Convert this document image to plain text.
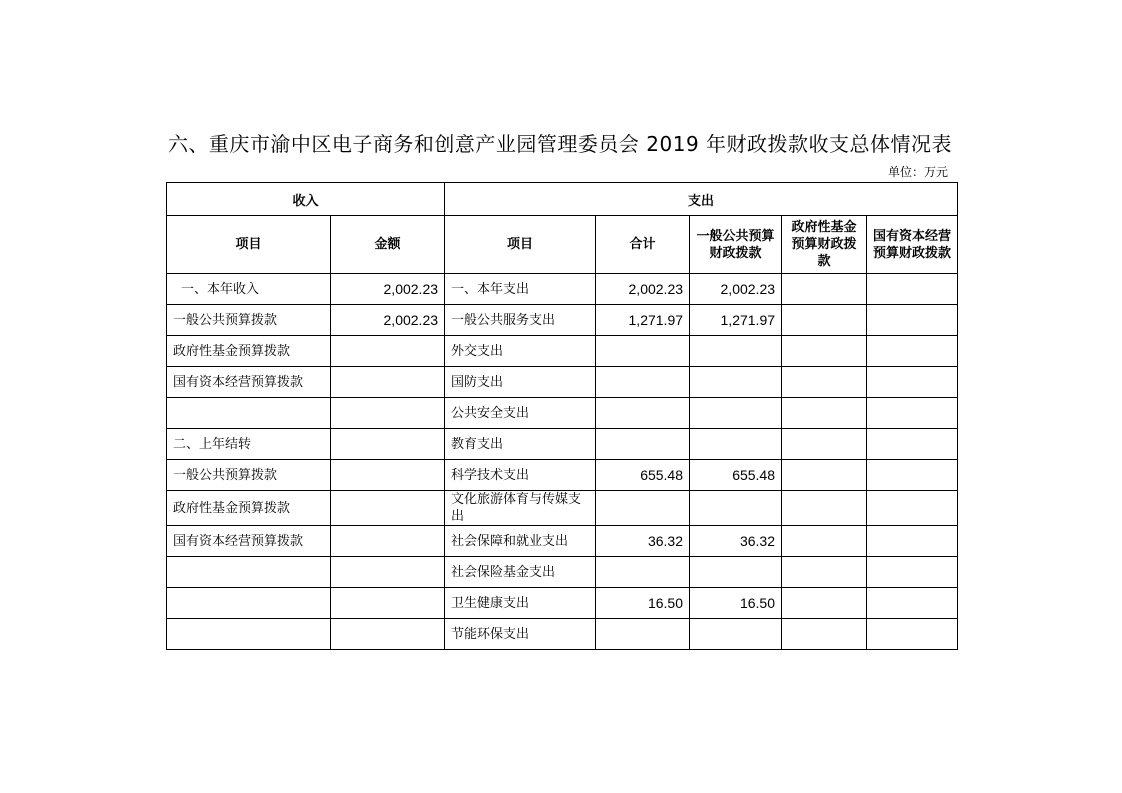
六、重庆市渝中区电子商务和创意产业园管理委员会 2019 年财政拨款收支总体情况表
单位：万元
收入		支出				
项目	金额	项目	合计	一般公共预算财政拨款	政府性基金预算财政拨款	国有资本经营预算财政拨款
一、本年收入	2,002.23	一、本年支出	2,002.23	2,002.23		
一般公共预算拨款	2,002.23	一般公共服务支出	1,271.97	1,271.97		
政府性基金预算拨款		外交支出				
国有资本经营预算拨款		国防支出				
		公共安全支出				
二、上年结转		教育支出				
一般公共预算拨款		科学技术支出	655.48	655.48		
政府性基金预算拨款		文化旅游体育与传媒支出				
国有资本经营预算拨款		社会保障和就业支出	36.32	36.32		
		社会保险基金支出				
		卫生健康支出	16.50	16.50		
		节能环保支出				
